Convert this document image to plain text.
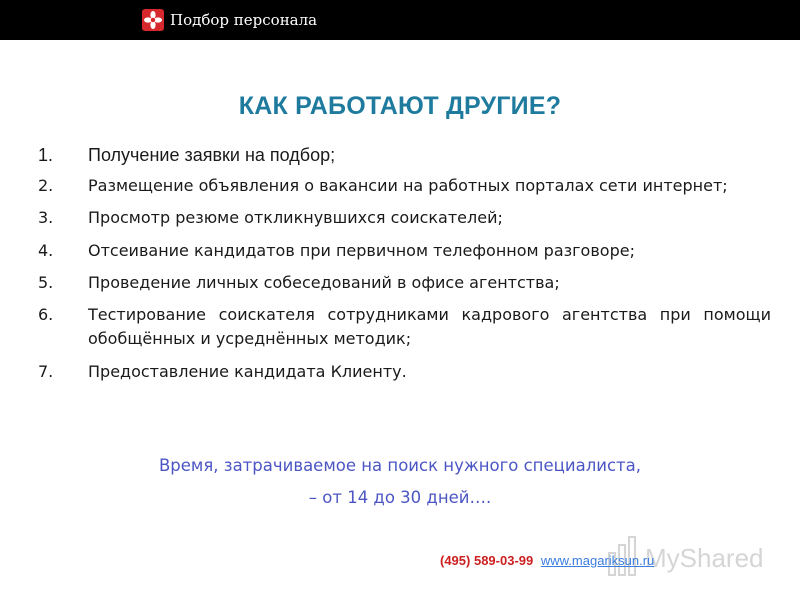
Подбор персонала
КАК РАБОТАЮТ ДРУГИЕ?
1.	Получение заявки на подбор;
2.	Размещение объявления о вакансии на работных порталах сети интернет;
3.	Просмотр резюме откликнувшихся соискателей;
4.	Отсеивание кандидатов при первичном телефонном разговоре;
5.	Проведение личных собеседований в офисе агентства;
6.	Тестирование соискателя сотрудниками кадрового агентства при помощи обобщённых и усреднённых методик;
7.	Предоставление кандидата Клиенту.
Время, затрачиваемое на поиск нужного специалиста,
– от 14 до 30 дней….
MyShared
(495) 589-03-99 www.magariksun.ru
